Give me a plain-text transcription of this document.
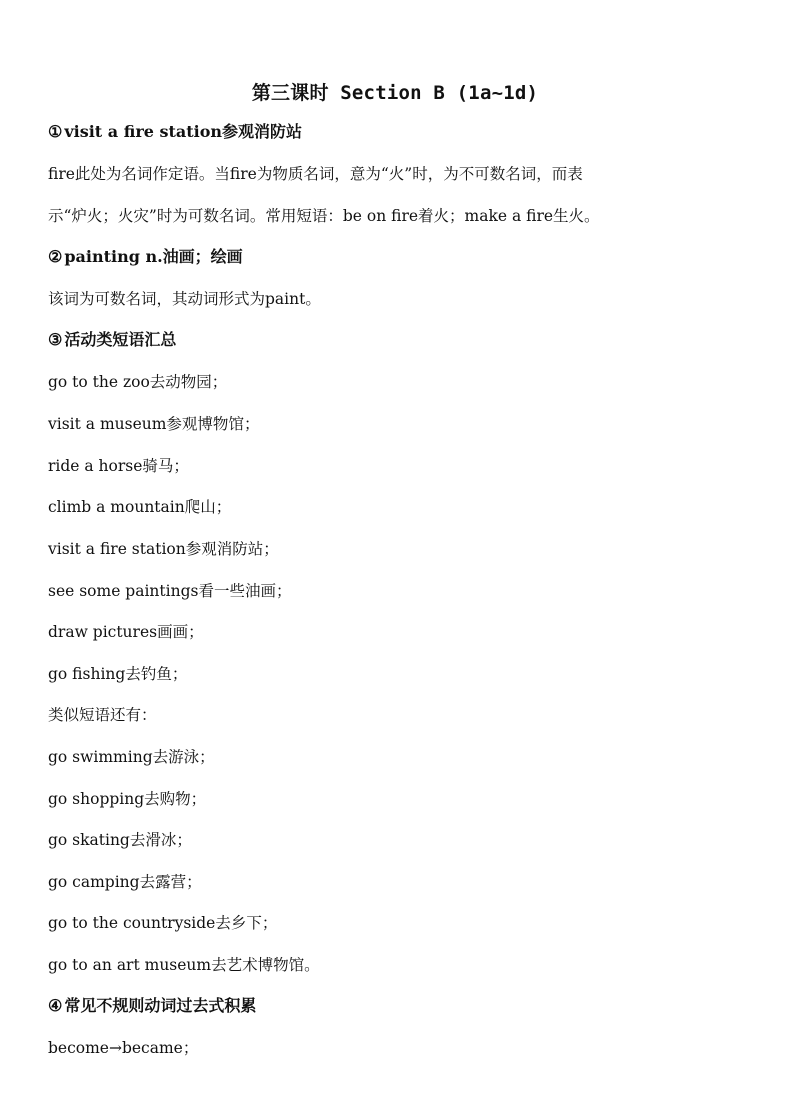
第三课时 Section B (1a~1d)
① visit a fire station参观消防站
fire此处为名词作定语。当fire为物质名词，意为“火”时，为不可数名词，而表
示“炉火；火灾”时为可数名词。常用短语：be on fire着火；make a fire生火。
② painting n.油画；绘画
该词为可数名词，其动词形式为paint。
③ 活动类短语汇总
go to the zoo去动物园；
visit a museum参观博物馆；
ride a horse骑马；
climb a mountain爬山；
visit a fire station参观消防站；
see some paintings看一些油画；
draw pictures画画；
go fishing去钓鱼；
类似短语还有：
go swimming去游泳；
go shopping去购物；
go skating去滑冰；
go camping去露营；
go to the countryside去乡下；
go to an art museum去艺术博物馆。
④ 常见不规则动词过去式积累
become→became；
